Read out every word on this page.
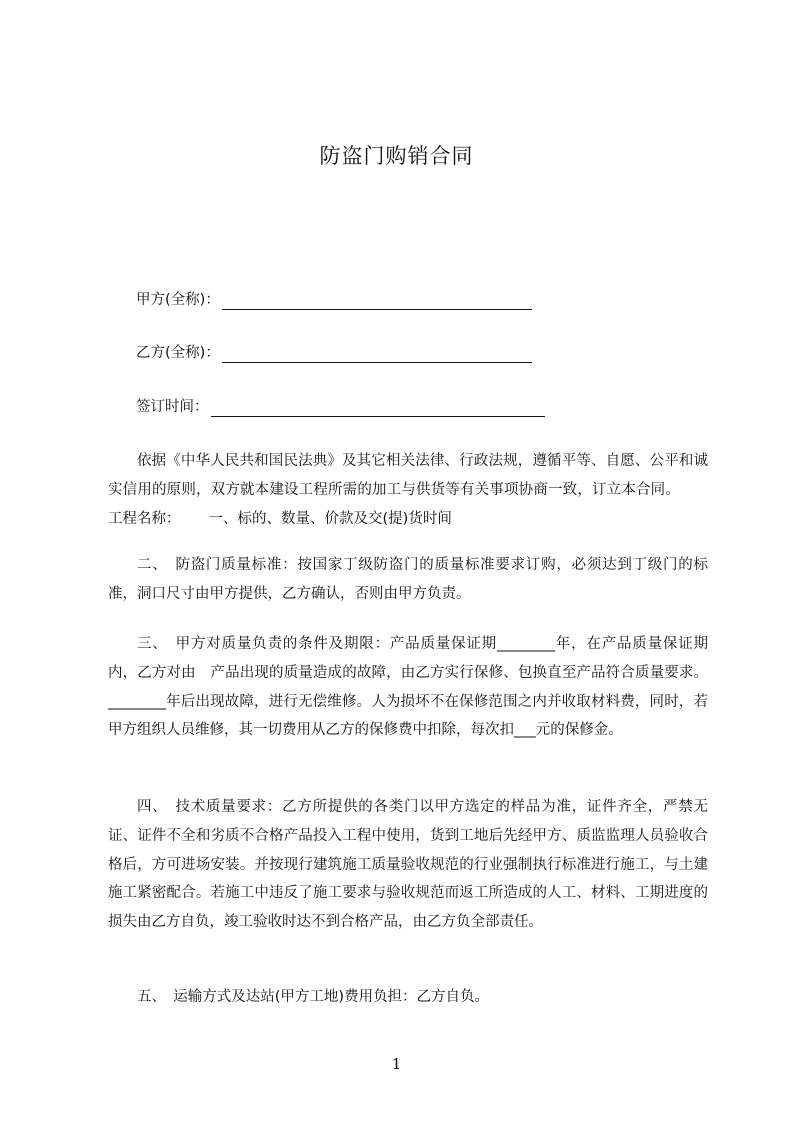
防盗门购销合同
甲方(全称)：
乙方(全称)：
签订时间：

依据《中华人民共和国民法典》及其它相关法律、行政法规，遵循平等、自愿、公平和诚实信用的原则，双方就本建设工程所需的加工与供货等有关事项协商一致，订立本合同。工程名称： 一、标的、数量、价款及交(提)货时间

二、　防盗门质量标准：按国家丁级防盗门的质量标准要求订购，必须达到丁级门的标准，洞口尺寸由甲方提供，乙方确认，否则由甲方负责。

三、　甲方对质量负责的条件及期限：产品质量保证期________年，在产品质量保证期内，乙方对由　产品出现的质量造成的故障，由乙方实行保修、包换直至产品符合质量要求。________年后出现故障，进行无偿维修。人为损坏不在保修范围之内并收取材料费，同时，若甲方组织人员维修，其一切费用从乙方的保修费中扣除，每次扣___元的保修金。

四、　技术质量要求：乙方所提供的各类门以甲方选定的样品为准，证件齐全，严禁无证、证件不全和劣质不合格产品投入工程中使用，货到工地后先经甲方、质监监理人员验收合格后，方可进场安装。并按现行建筑施工质量验收规范的行业强制执行标准进行施工，与土建施工紧密配合。若施工中违反了施工要求与验收规范而返工所造成的人工、材料、工期进度的损失由乙方自负，竣工验收时达不到合格产品，由乙方负全部责任。

五、　运输方式及达站(甲方工地)费用负担：乙方自负。

1
